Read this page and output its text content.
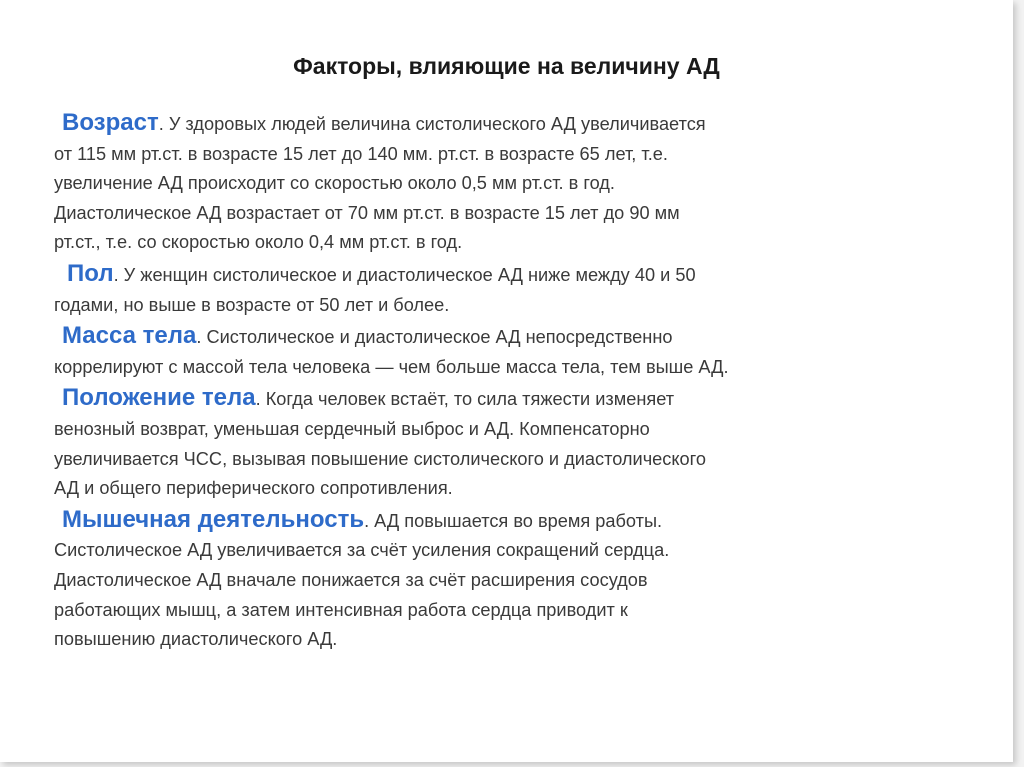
Факторы, влияющие на величину АД
Возраст. У здоровых людей величина систолического АД увеличивается
от 115 мм рт.ст. в возрасте 15 лет до 140 мм. рт.ст. в возрасте 65 лет, т.е.
увеличение АД происходит со скоростью около 0,5 мм рт.ст. в год.
Диастолическое АД возрастает от 70 мм рт.ст. в возрасте 15 лет до 90 мм
рт.ст., т.е. со скоростью около 0,4 мм рт.ст. в год.
Пол. У женщин систолическое и диастолическое АД ниже между 40 и 50
годами, но выше в возрасте от 50 лет и более.
Масса тела. Систолическое и диастолическое АД непосредственно
коррелируют с массой тела человека — чем больше масса тела, тем выше АД.
Положение тела. Когда человек встаёт, то сила тяжести изменяет
венозный возврат, уменьшая сердечный выброс и АД. Компенсаторно
увеличивается ЧСС, вызывая повышение систолического и диастолического
АД и общего периферического сопротивления.
Мышечная деятельность. АД повышается во время работы.
Систолическое АД увеличивается за счёт усиления сокращений сердца.
Диастолическое АД вначале понижается за счёт расширения сосудов
работающих мышц, а затем интенсивная работа сердца приводит к
повышению диастолического АД.
